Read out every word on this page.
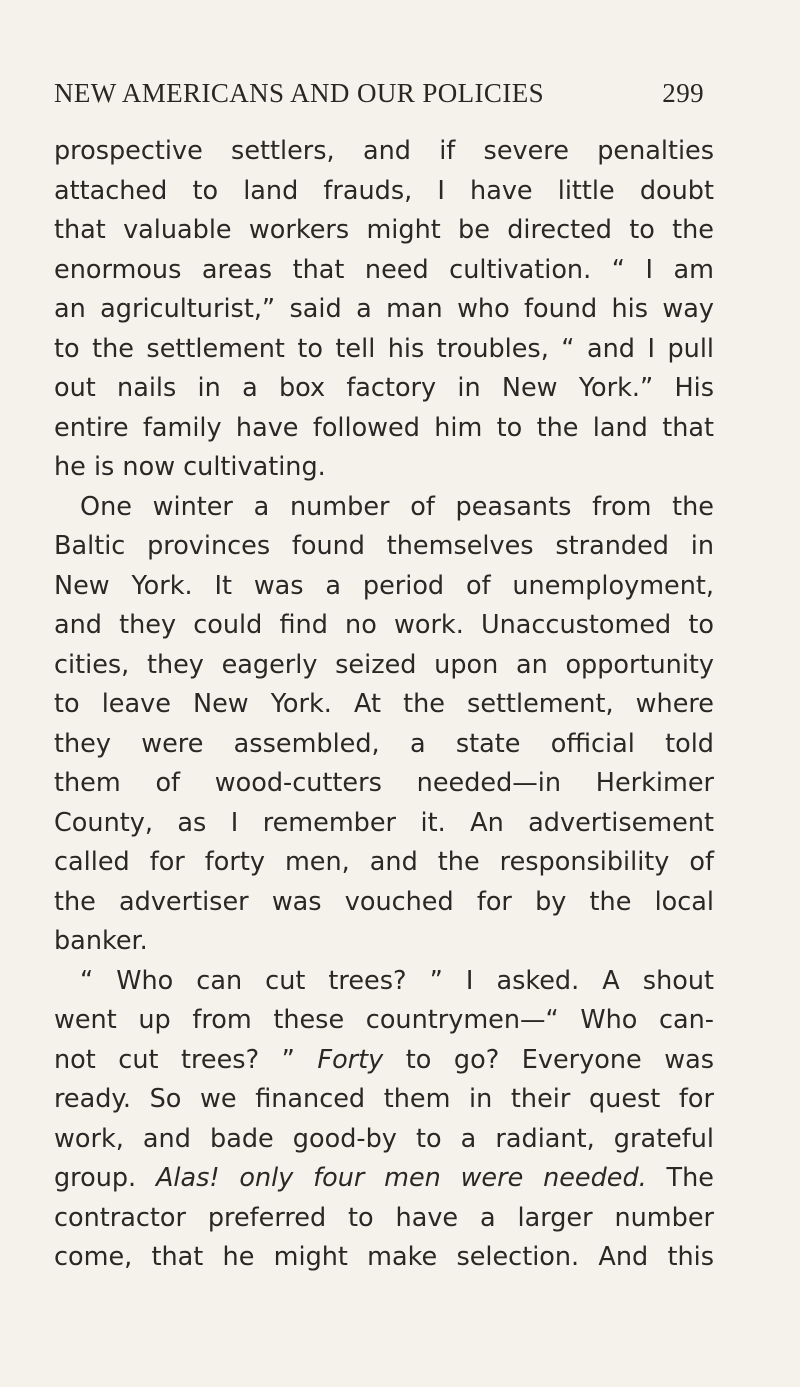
NEW AMERICANS AND OUR POLICIES	299
prospective settlers, and if severe penalties
attached to land frauds, I have little doubt
that valuable workers might be directed to the
enormous areas that need cultivation. “ I am
an agriculturist,” said a man who found his way
to the settlement to tell his troubles, “ and I pull
out nails in a box factory in New York.” His
entire family have followed him to the land that
he is now cultivating.
One winter a number of peasants from the
Baltic provinces found themselves stranded in
New York. It was a period of unemployment,
and they could find no work. Unaccustomed to
cities, they eagerly seized upon an opportunity
to leave New York. At the settlement, where
they were assembled, a state official told
them of wood-cutters needed—in Herkimer
County, as I remember it. An advertisement
called for forty men, and the responsibility of
the advertiser was vouched for by the local
banker.
“ Who can cut trees? ” I asked. A shout
went up from these countrymen—“ Who can-
not cut trees? ” Forty to go? Everyone was
ready. So we financed them in their quest for
work, and bade good-by to a radiant, grateful
group. Alas! only four men were needed. The
contractor preferred to have a larger number
come, that he might make selection. And this
